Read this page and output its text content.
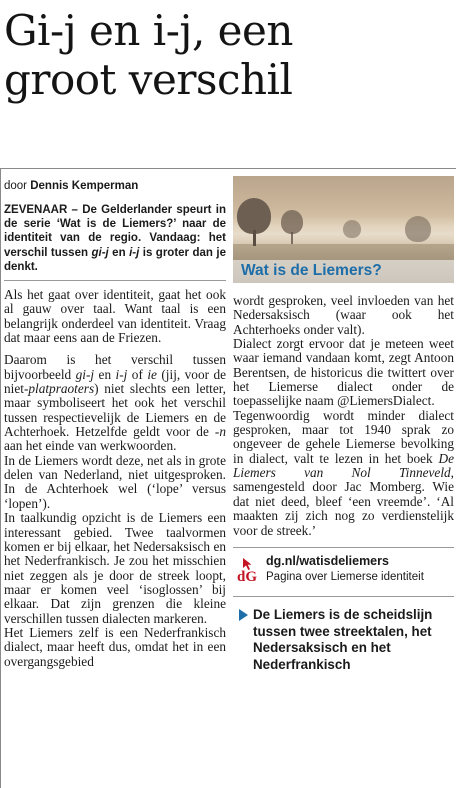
Gi-j en i-j, een
groot verschil
door Dennis Kemperman
ZEVENAAR – De Gelderlander speurt in de serie ‘Wat is de Liemers?’ naar de identiteit van de regio. Vandaag: het verschil tussen gi-j en i-j is groter dan je denkt.

Als het gaat over identiteit, gaat het ook al gauw over taal. Want taal is een belangrijk onderdeel van identiteit. Vraag dat maar eens aan de Friezen.

Daarom is het verschil tussen bijvoorbeeld gi-j en i-j of ie (jij, voor de niet-platpraoters) niet slechts een letter, maar symboliseert het ook het verschil tussen respectievelijk de Liemers en de Achterhoek. Hetzelfde geldt voor de -n aan het einde van werkwoorden.

In de Liemers wordt deze, net als in grote delen van Nederland, niet uitgesproken. In de Achterhoek wel (‘lope’ versus ‘lopen’).

In taalkundig opzicht is de Liemers een interessant gebied. Twee taalvormen komen er bij elkaar, het Nedersaksisch en het Nederfrankisch. Je zou het misschien niet zeggen als je door de streek loopt, maar er komen veel ‘isoglossen’ bij elkaar. Dat zijn grenzen die kleine verschillen tussen dialecten markeren.

Het Liemers zelf is een Nederfrankisch dialect, maar heeft dus, omdat het in een overgangsgebied

Wat is de Liemers?

wordt gesproken, veel invloeden van het Nedersaksisch (waar ook het Achterhoeks onder valt).

Dialect zorgt ervoor dat je meteen weet waar iemand vandaan komt, zegt Antoon Berentsen, de historicus die twittert over het Liemerse dialect onder de toepasselijke naam @LiemersDialect.

Tegenwoordig wordt minder dialect gesproken, maar tot 1940 sprak zo ongeveer de gehele Liemerse bevolking in dialect, valt te lezen in het boek De Liemers van Nol Tinneveld, samengesteld door Jac Momberg. Wie dat niet deed, bleef ‘een vreemde’. ‘Al maakten zij zich nog zo verdienstelijk voor de streek.’

dG
dg.nl/watisdeliemers
Pagina over Liemerse identiteit
De Liemers is de scheidslijn tussen twee streektalen, het Nedersaksisch en het Nederfrankisch
